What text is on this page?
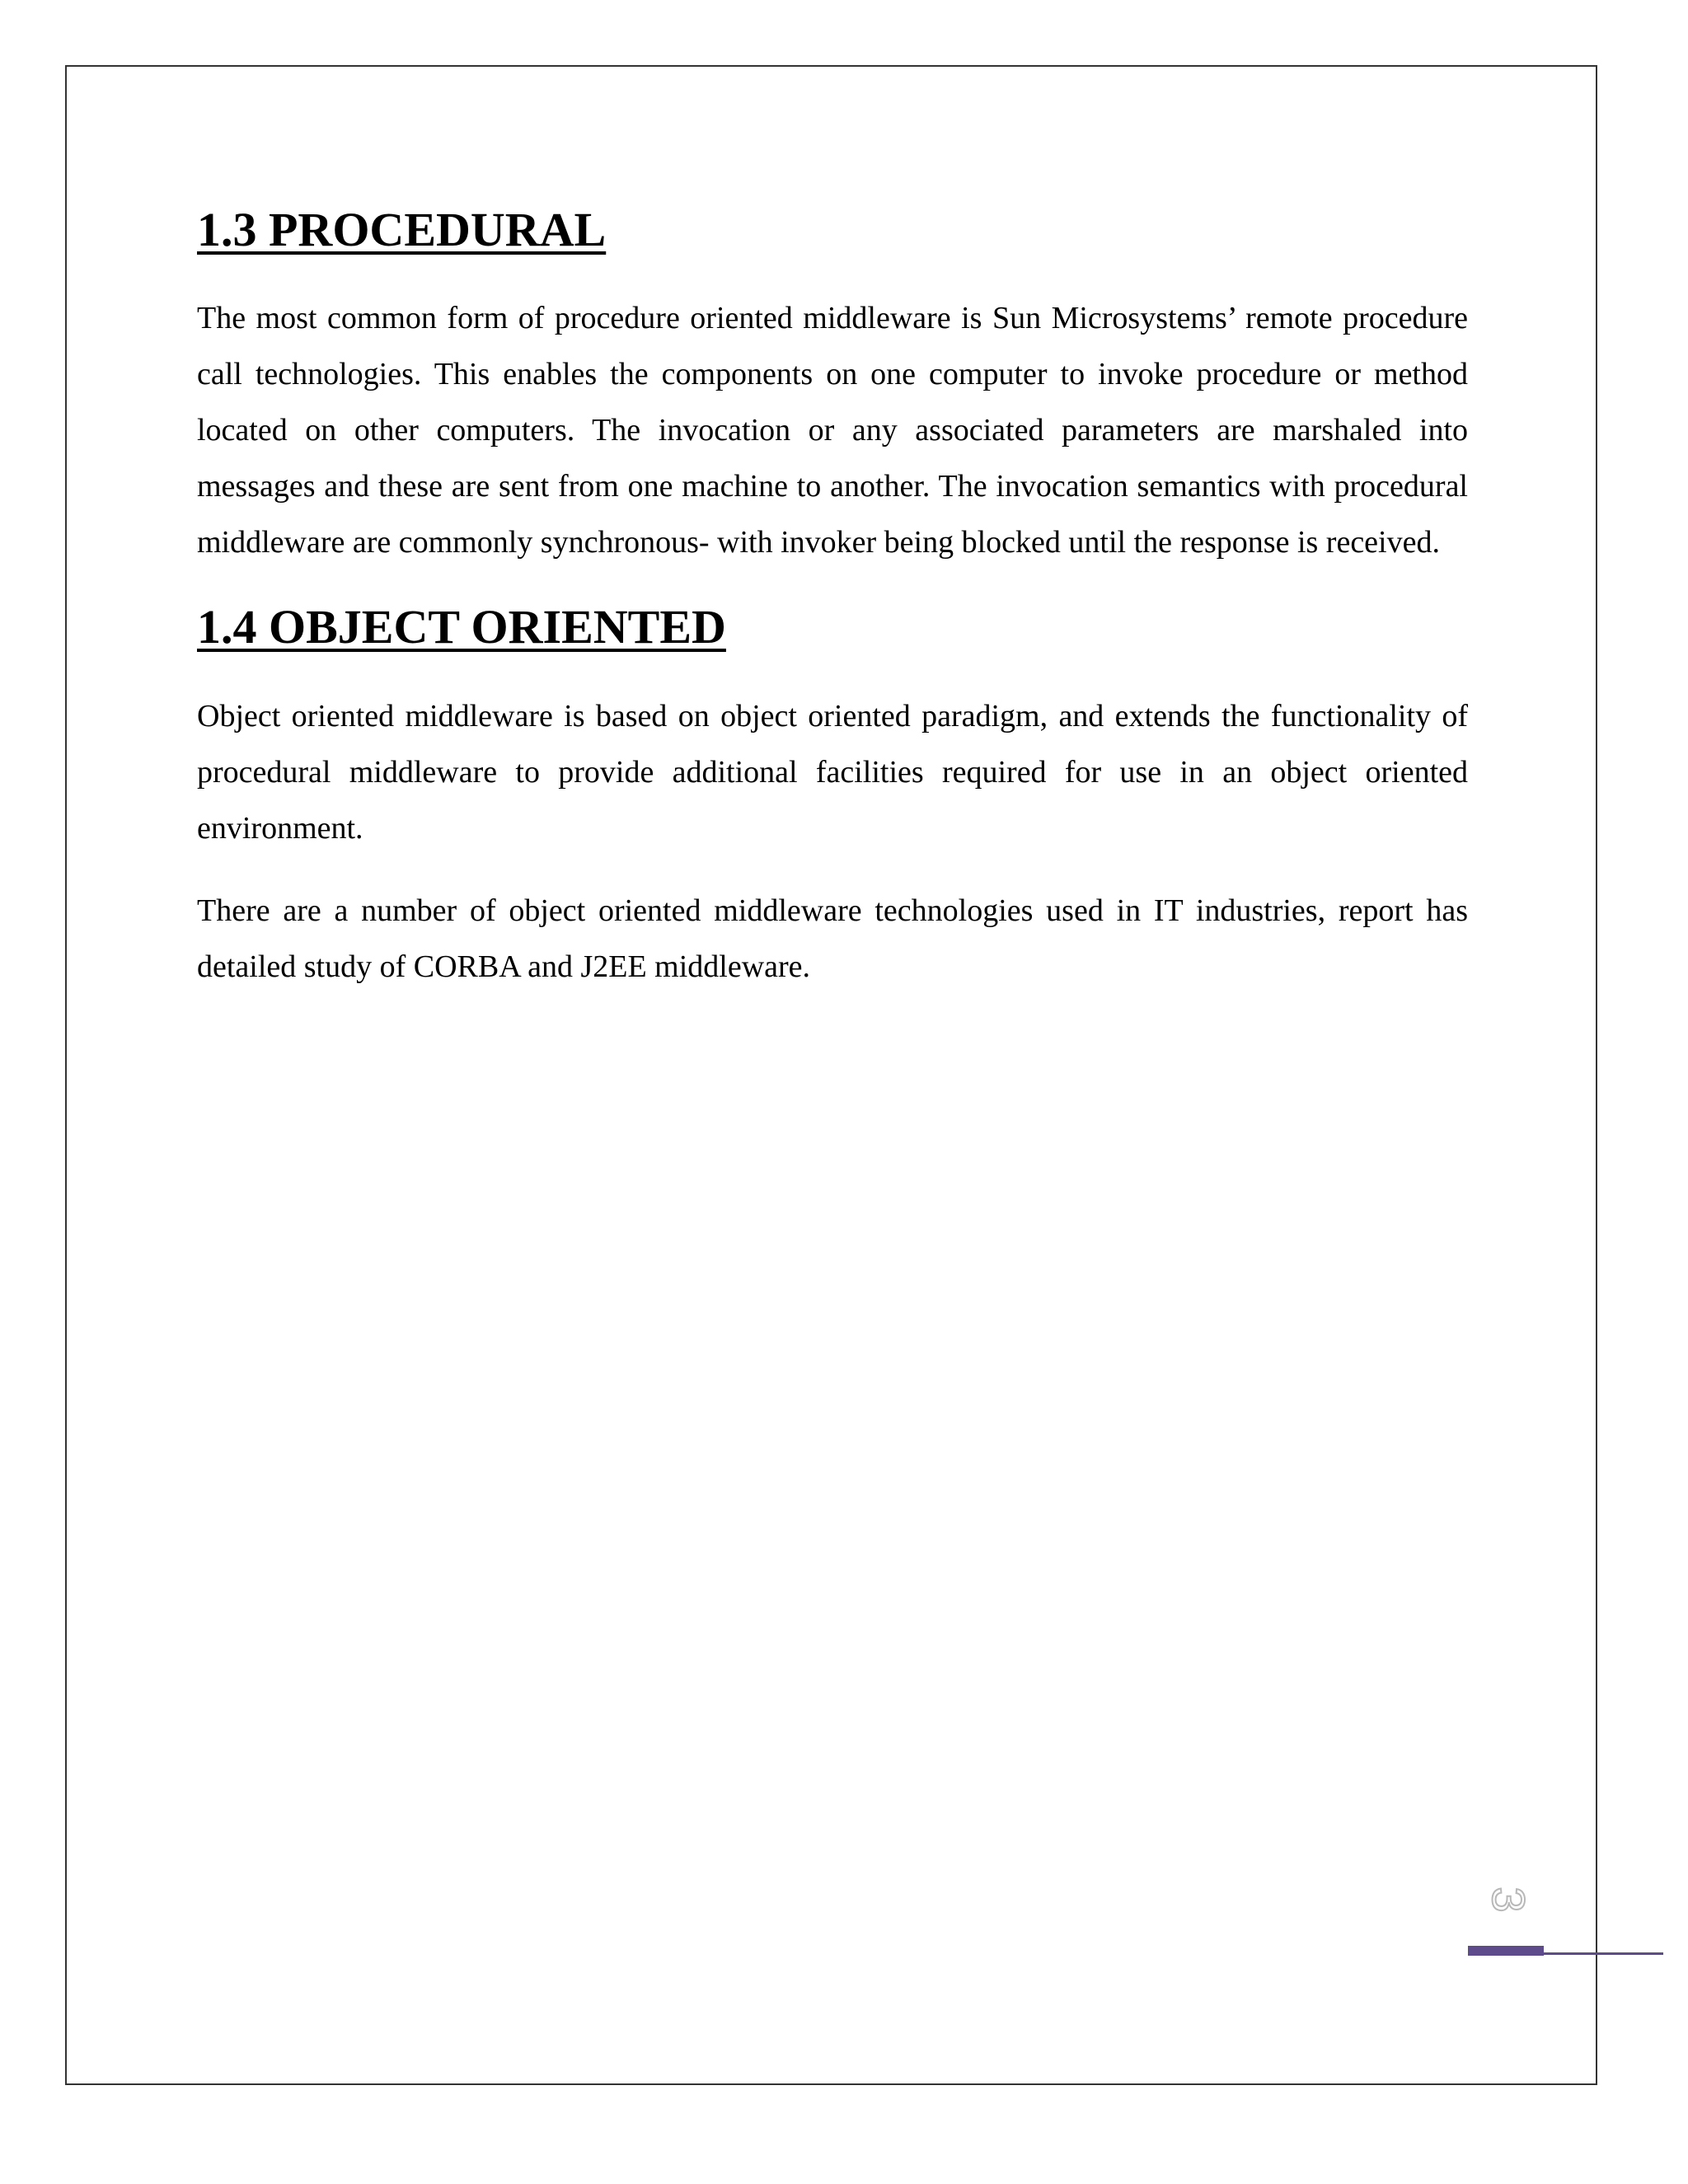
1.3 PROCEDURAL

The most common form of procedure oriented middleware is Sun Microsystems’ remote procedure call technologies. This enables the components on one computer to invoke procedure or method located on other computers. The invocation or any associated parameters are marshaled into messages and these are sent from one machine to another. The invocation semantics with procedural middleware are commonly synchronous- with invoker being blocked until the response is received.

1.4 OBJECT ORIENTED

Object oriented middleware is based on object oriented paradigm, and extends the functionality of procedural middleware to provide additional facilities required for use in an object oriented environment.

There are a number of object oriented middleware technologies used in IT industries, report has detailed study of CORBA and J2EE middleware.

3
